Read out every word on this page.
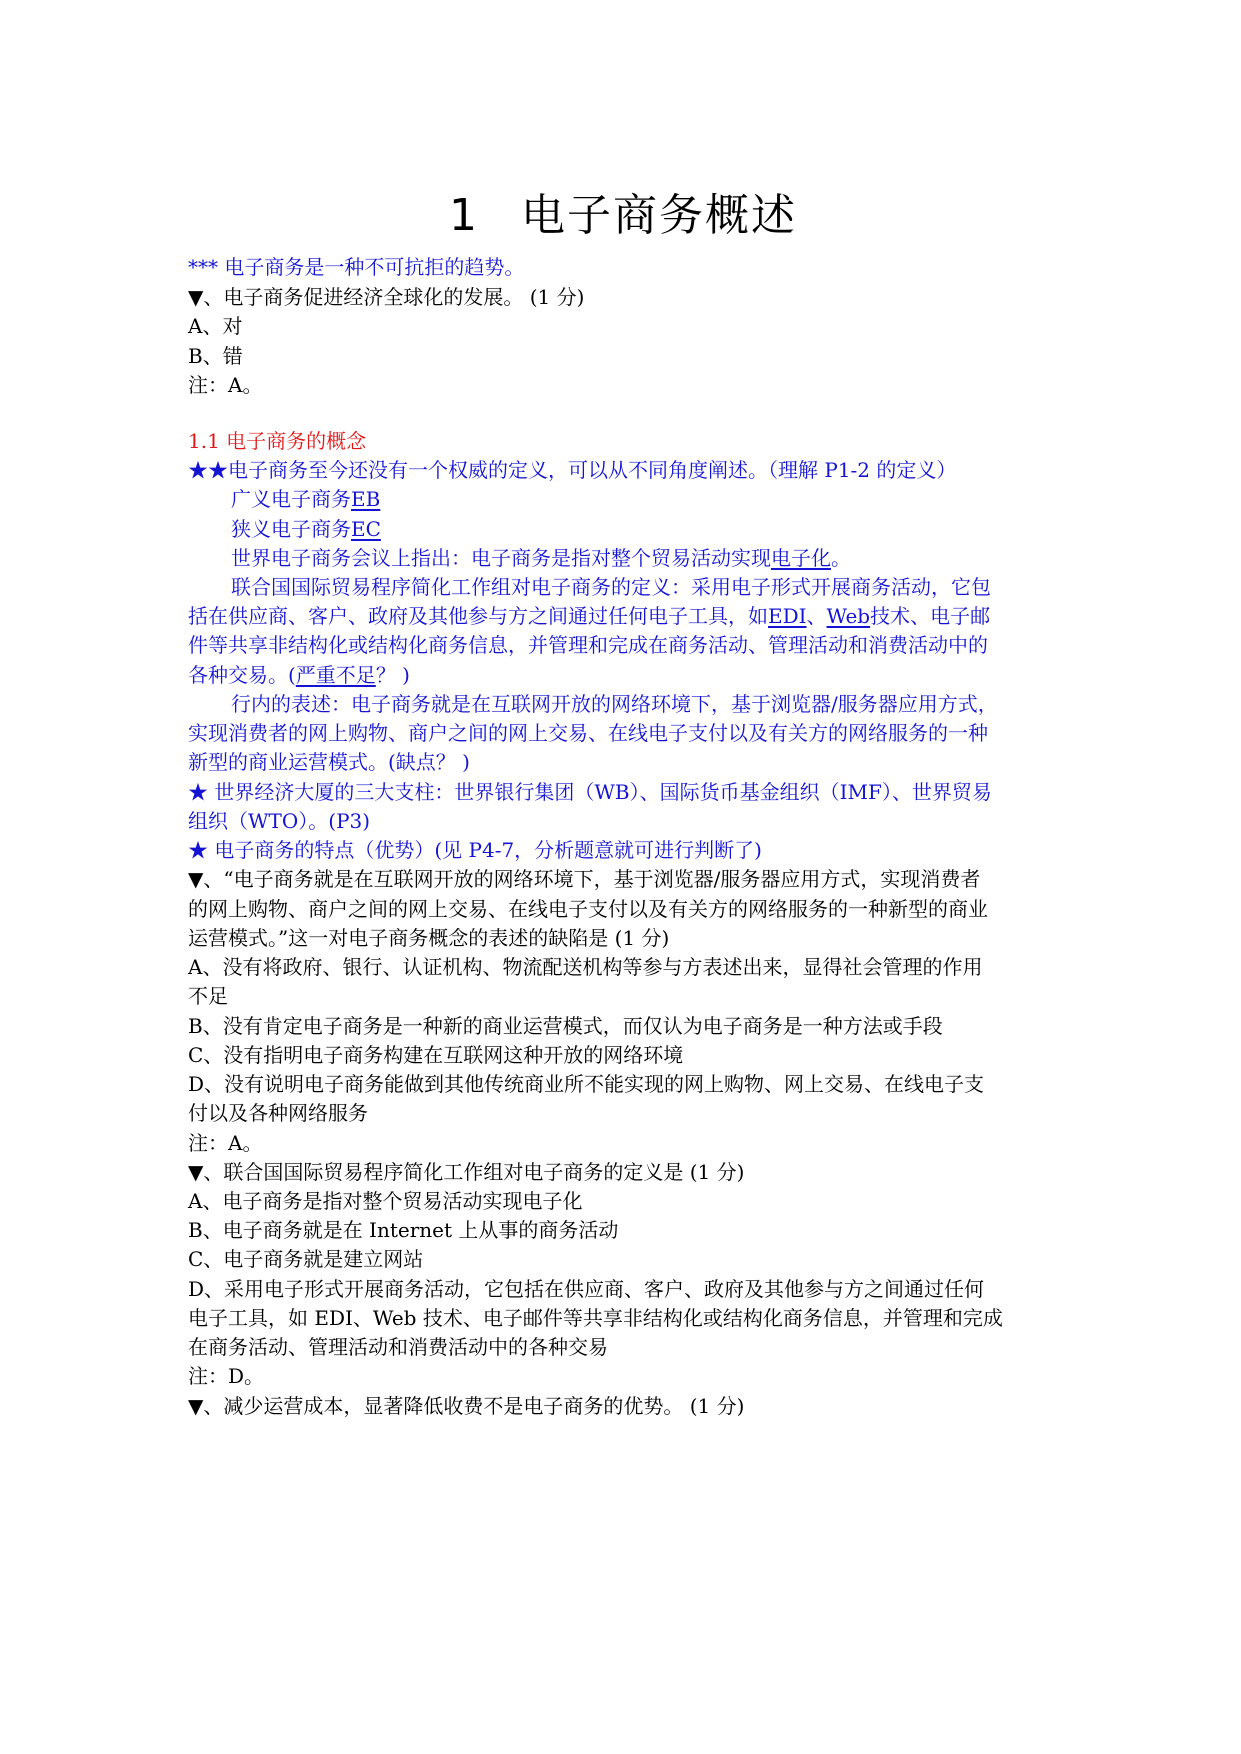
1 电子商务概述
*** 电子商务是一种不可抗拒的趋势。
▼、电子商务促进经济全球化的发展。 (1 分)
A、对
B、错
注：A。
1.1 电子商务的概念
★★电子商务至今还没有一个权威的定义，可以从不同角度阐述。（理解 P1-2 的定义）
广义电子商务EB
狭义电子商务EC
世界电子商务会议上指出：电子商务是指对整个贸易活动实现电子化。
联合国国际贸易程序简化工作组对电子商务的定义：采用电子形式开展商务活动，它包
括在供应商、客户、政府及其他参与方之间通过任何电子工具，如EDI、Web技术、电子邮
件等共享非结构化或结构化商务信息，并管理和完成在商务活动、管理活动和消费活动中的
各种交易。(严重不足？ )
行内的表述：电子商务就是在互联网开放的网络环境下，基于浏览器/服务器应用方式，
实现消费者的网上购物、商户之间的网上交易、在线电子支付以及有关方的网络服务的一种
新型的商业运营模式。(缺点？ )
★ 世界经济大厦的三大支柱：世界银行集团（WB）、国际货币基金组织（IMF）、世界贸易
组织（WTO）。(P3)
★ 电子商务的特点（优势）(见 P4-7，分析题意就可进行判断了)
▼、“电子商务就是在互联网开放的网络环境下，基于浏览器/服务器应用方式，实现消费者
的网上购物、商户之间的网上交易、在线电子支付以及有关方的网络服务的一种新型的商业
运营模式。”这一对电子商务概念的表述的缺陷是 (1 分)
A、没有将政府、银行、认证机构、物流配送机构等参与方表述出来，显得社会管理的作用
不足
B、没有肯定电子商务是一种新的商业运营模式，而仅认为电子商务是一种方法或手段
C、没有指明电子商务构建在互联网这种开放的网络环境
D、没有说明电子商务能做到其他传统商业所不能实现的网上购物、网上交易、在线电子支
付以及各种网络服务
注：A。
▼、联合国国际贸易程序简化工作组对电子商务的定义是 (1 分)
A、电子商务是指对整个贸易活动实现电子化
B、电子商务就是在 Internet 上从事的商务活动
C、电子商务就是建立网站
D、采用电子形式开展商务活动，它包括在供应商、客户、政府及其他参与方之间通过任何
电子工具，如 EDI、Web 技术、电子邮件等共享非结构化或结构化商务信息，并管理和完成
在商务活动、管理活动和消费活动中的各种交易
注：D。
▼、减少运营成本，显著降低收费不是电子商务的优势。 (1 分)
